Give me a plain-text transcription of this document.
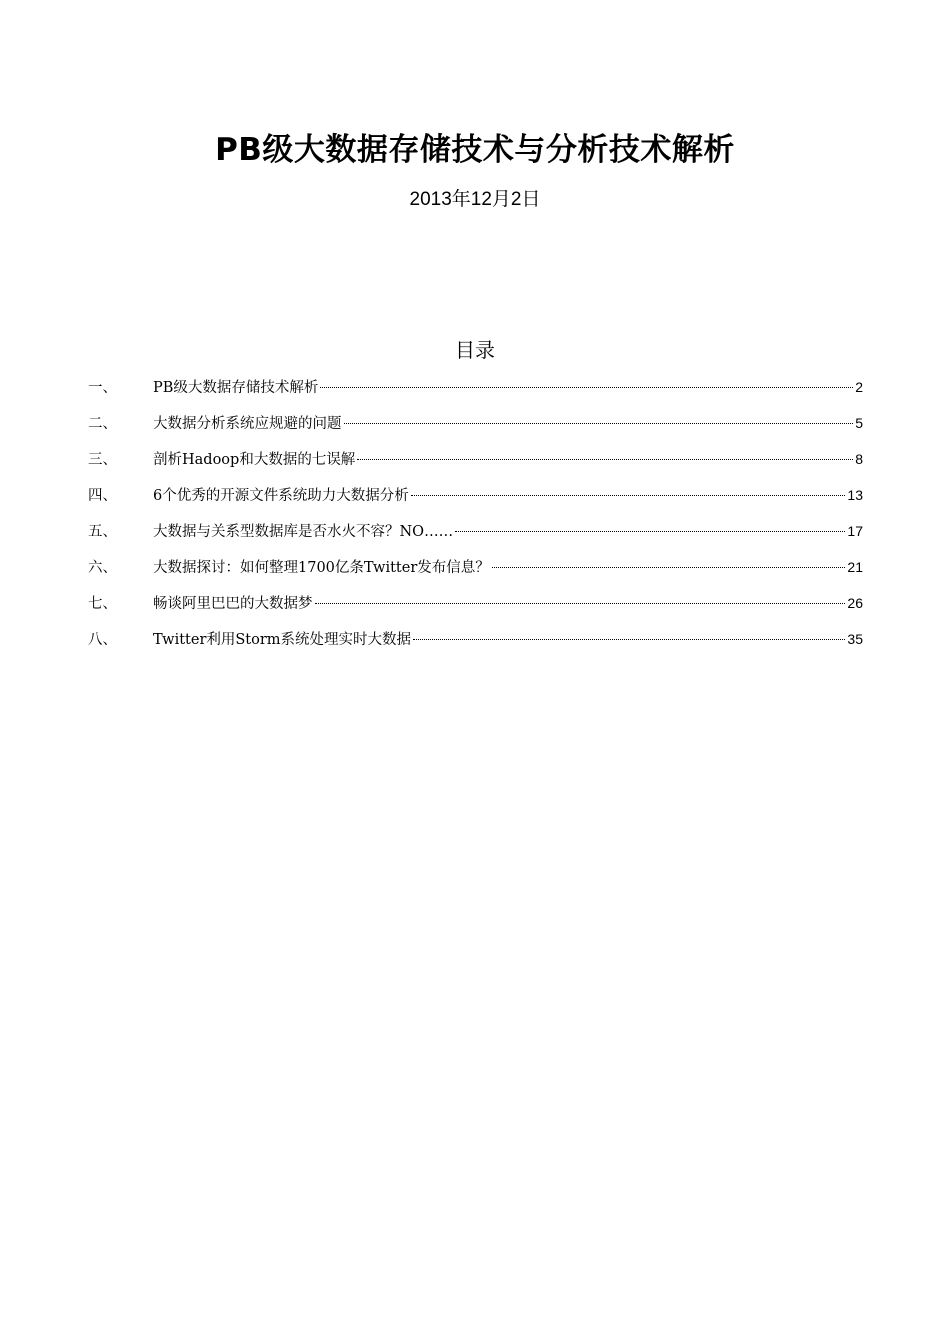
PB级大数据存储技术与分析技术解析
2013年12月2日
目录
一、	PB级大数据存储技术解析	2
二、	大数据分析系统应规避的问题	5
三、	剖析Hadoop和大数据的七误解	8
四、	6个优秀的开源文件系统助力大数据分析	13
五、	大数据与关系型数据库是否水火不容？NO……	17
六、	大数据探讨：如何整理1700亿条Twitter发布信息？	21
七、	畅谈阿里巴巴的大数据梦	26
八、	Twitter利用Storm系统处理实时大数据	35
